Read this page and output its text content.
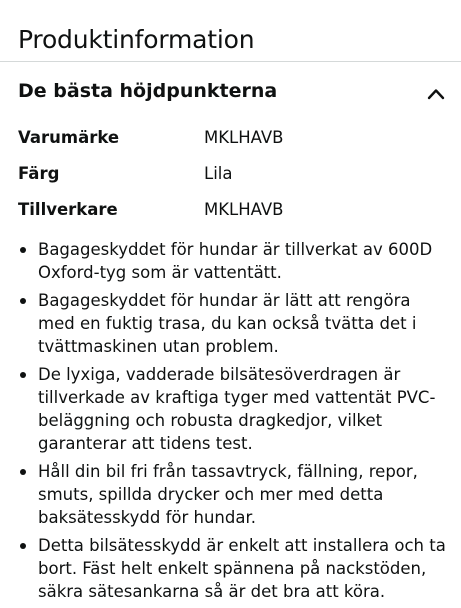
Produktinformation
De bästa höjdpunkterna
Varumärke	MKLHAVB
Färg	Lila
Tillverkare	MKLHAVB
Bagageskyddet för hundar är tillverkat av 600D Oxford-tyg som är vattentätt.
Bagageskyddet för hundar är lätt att rengöra med en fuktig trasa, du kan också tvätta det i tvättmaskinen utan problem.
De lyxiga, vadderade bilsätesöverdragen är tillverkade av kraftiga tyger med vattentät PVC-beläggning och robusta dragkedjor, vilket garanterar att tidens test.
Håll din bil fri från tassavtryck, fällning, repor, smuts, spillda drycker och mer med detta baksätesskydd för hundar.
Detta bilsätesskydd är enkelt att installera och ta bort. Fäst helt enkelt spännena på nackstöden, säkra sätesankarna så är det bra att köra.
